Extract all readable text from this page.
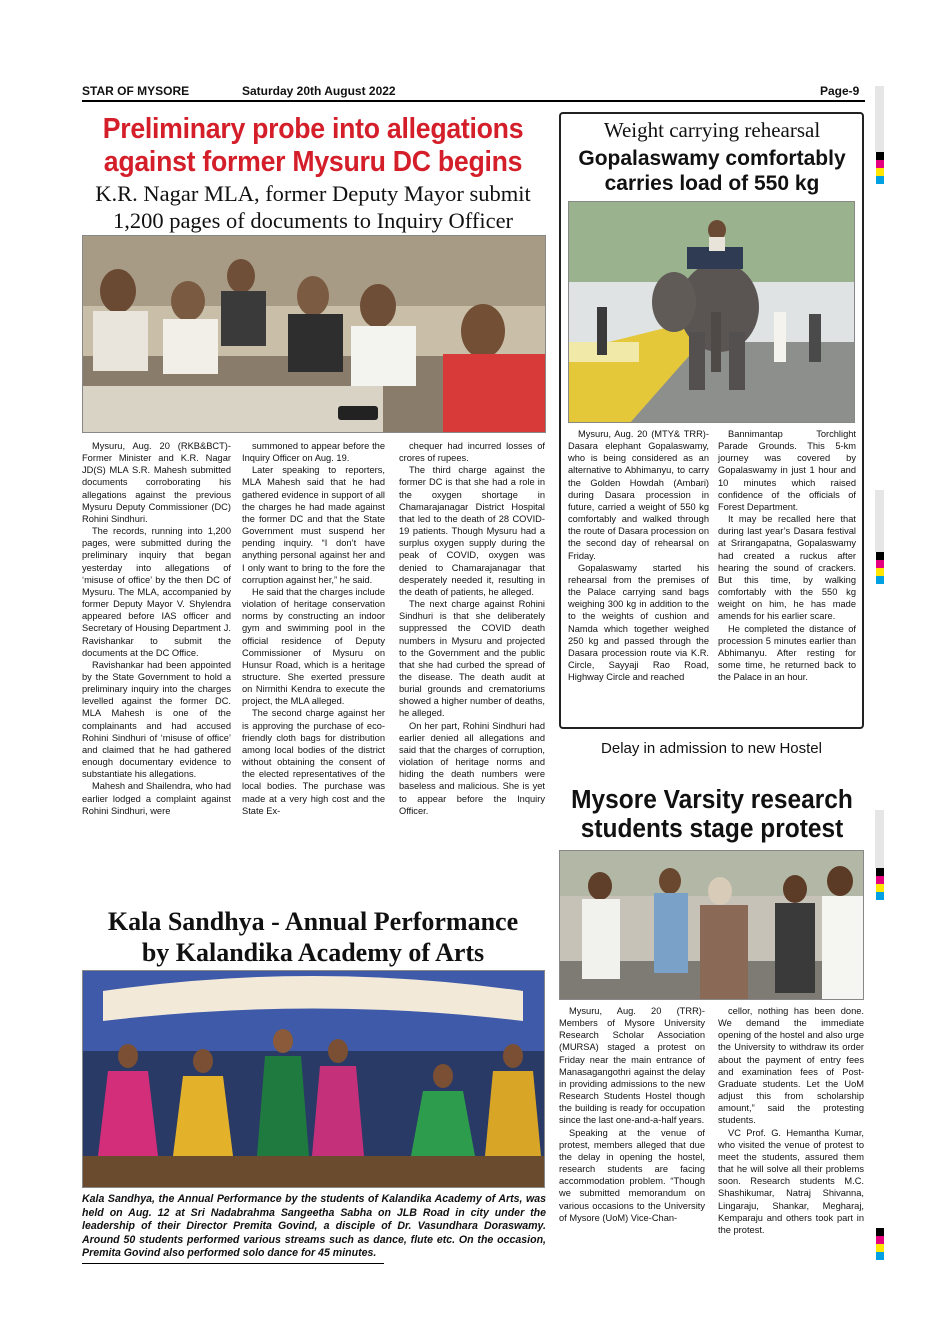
STAR OF MYSORE	Saturday 20th August 2022	Page-9
Preliminary probe into allegations
against former Mysuru DC begins
K.R. Nagar MLA, former Deputy Mayor submit 1,200 pages of documents to Inquiry Officer

Mysuru, Aug. 20 (RKB&BCT)- Former Minister and K.R. Nagar JD(S) MLA S.R. Mahesh submitted documents corroborating his allegations against the previous Mysuru Deputy Commissioner (DC) Rohini Sindhuri.

The records, running into 1,200 pages, were submitted during the preliminary inquiry that began yesterday into allegations of ‘misuse of office’ by the then DC of Mysuru. The MLA, accompanied by former Deputy Mayor V. Shylendra appeared before IAS officer and Secretary of Housing Department J. Ravishankar to submit the documents at the DC Office.

Ravishankar had been appointed by the State Government to hold a preliminary inquiry into the charges levelled against the former DC. MLA Mahesh is one of the complainants and had accused Rohini Sindhuri of ‘misuse of office’ and claimed that he had gathered enough documentary evidence to substantiate his allegations.

Mahesh and Shailendra, who had earlier lodged a complaint against Rohini Sindhuri, were

summoned to appear before the Inquiry Officer on Aug. 19.

Later speaking to reporters, MLA Mahesh said that he had gathered evidence in support of all the charges he had made against the former DC and that the State Government must suspend her pending inquiry. “I don’t have anything personal against her and I only want to bring to the fore the corruption against her,” he said.

He said that the charges include violation of heritage conservation norms by constructing an indoor gym and swimming pool in the official residence of Deputy Commissioner of Mysuru on Hunsur Road, which is a heritage structure. She exerted pressure on Nirmithi Kendra to execute the project, the MLA alleged.

The second charge against her is approving the purchase of eco-friendly cloth bags for distribution among local bodies of the district without obtaining the consent of the elected representatives of the local bodies. The purchase was made at a very high cost and the State Ex-

chequer had incurred losses of crores of rupees.

The third charge against the former DC is that she had a role in the oxygen shortage in Chamarajanagar District Hospital that led to the death of 28 COVID-19 patients. Though Mysuru had a surplus oxygen supply during the peak of COVID, oxygen was denied to Chamarajanagar that desperately needed it, resulting in the death of patients, he alleged.

The next charge against Rohini Sindhuri is that she deliberately suppressed the COVID death numbers in Mysuru and projected to the Government and the public that she had curbed the spread of the disease. The death audit at burial grounds and crematoriums showed a higher number of deaths, he alleged.

On her part, Rohini Sindhuri had earlier denied all allegations and said that the charges of corruption, violation of heritage norms and hiding the death numbers were baseless and malicious. She is yet to appear before the Inquiry Officer.

Weight carrying rehearsal
Gopalaswamy comfortably carries load of 550 kg

Mysuru, Aug. 20 (MTY& TRR)- Dasara elephant Gopalaswamy, who is being considered as an alternative to Abhimanyu, to carry the Golden Howdah (Ambari) during Dasara procession in future, carried a weight of 550 kg comfortably and walked through the route of Dasara procession on the second day of rehearsal on Friday.

Gopalaswamy started his rehearsal from the premises of the Palace carrying sand bags weighing 300 kg in addition to the to the weights of cushion and Namda which together weighed 250 kg and passed through the Dasara procession route via K.R. Circle, Sayyaji Rao Road, Highway Circle and reached

Bannimantap Torchlight Parade Grounds. This 5-km journey was covered by Gopalaswamy in just 1 hour and 10 minutes which raised confidence of the officials of Forest Department.

It may be recalled here that during last year’s Dasara festival at Srirangapatna, Gopalaswamy had created a ruckus after hearing the sound of crackers. But this time, by walking comfortably with the 550 kg weight on him, he has made amends for his earlier scare.

He completed the distance of procession 5 minutes earlier than Abhimanyu. After resting for some time, he returned back to the Palace in an hour.

Delay in admission to new Hostel
Mysore Varsity research
students stage protest

Mysuru, Aug. 20 (TRR)- Members of Mysore University Research Scholar Association (MURSA) staged a protest on Friday near the main entrance of Manasagangothri against the delay in providing admissions to the new Research Students Hostel though the building is ready for occupation since the last one-and-a-half years.

Speaking at the venue of protest, members alleged that due the delay in opening the hostel, research students are facing accommodation problem. “Though we submitted memorandum on various occasions to the University of Mysore (UoM) Vice-Chan-

cellor, nothing has been done. We demand the immediate opening of the hostel and also urge the University to withdraw its order about the payment of entry fees and examination fees of Post-Graduate students. Let the UoM adjust this from scholarship amount,” said the protesting students.

VC Prof. G. Hemantha Kumar, who visited the venue of protest to meet the students, assured them that he will solve all their problems soon. Research students M.C. Shashikumar, Natraj Shivanna, Lingaraju, Shankar, Megharaj, Kemparaju and others took part in the protest.

Kala Sandhya - Annual Performance
by Kalandika Academy of Arts
Kala Sandhya, the Annual Performance by the students of Kalandika Academy of Arts, was held on Aug. 12 at Sri Nadabrahma Sangeetha Sabha on JLB Road in city under the leadership of their Director Premita Govind, a disciple of Dr. Vasundhara Doraswamy. Around 50 students performed various streams such as dance, flute etc. On the occasion, Premita Govind also performed solo dance for 45 minutes.
